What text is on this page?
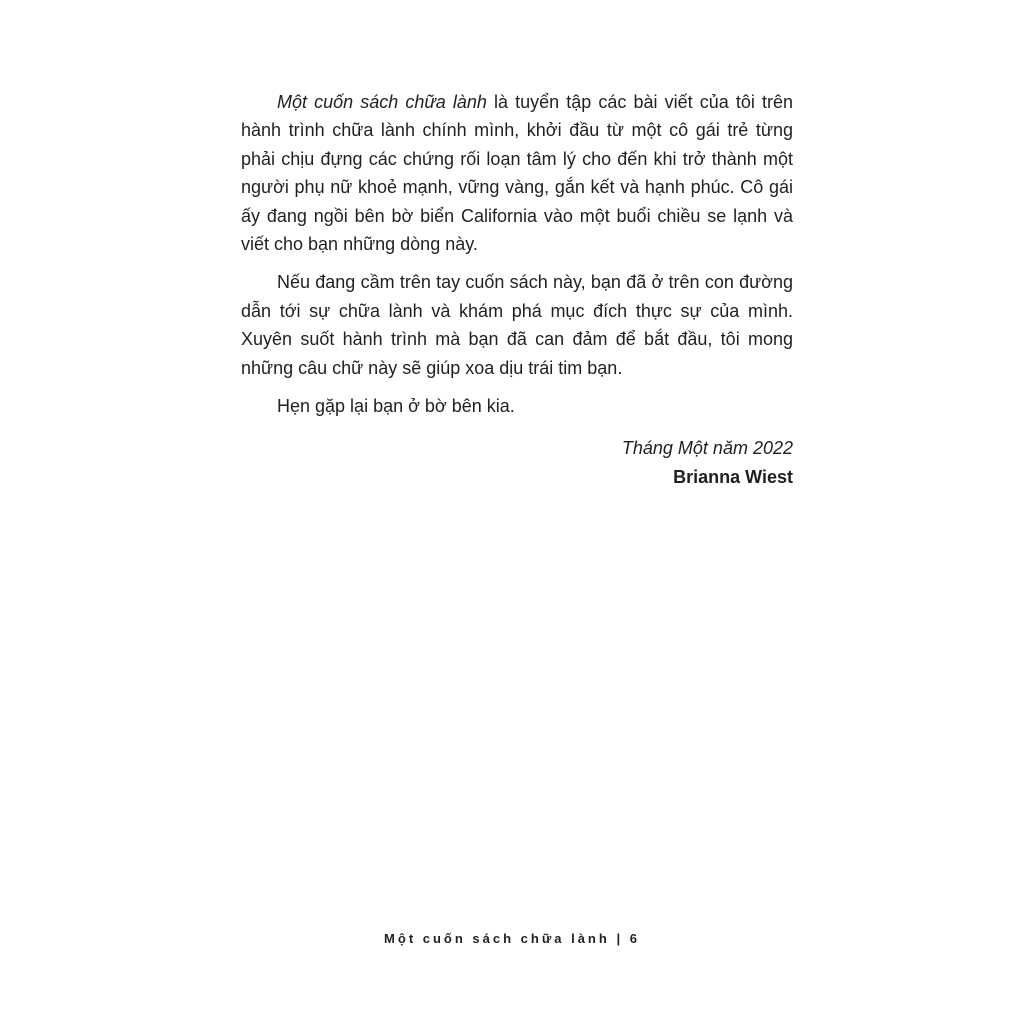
Một cuốn sách chữa lành là tuyển tập các bài viết của tôi trên hành trình chữa lành chính mình, khởi đầu từ một cô gái trẻ từng phải chịu đựng các chứng rối loạn tâm lý cho đến khi trở thành một người phụ nữ khoẻ mạnh, vững vàng, gắn kết và hạnh phúc. Cô gái ấy đang ngồi bên bờ biển California vào một buổi chiều se lạnh và viết cho bạn những dòng này.

Nếu đang cầm trên tay cuốn sách này, bạn đã ở trên con đường dẫn tới sự chữa lành và khám phá mục đích thực sự của mình. Xuyên suốt hành trình mà bạn đã can đảm để bắt đầu, tôi mong những câu chữ này sẽ giúp xoa dịu trái tim bạn.

Hẹn gặp lại bạn ở bờ bên kia.

Tháng Một năm 2022
Brianna Wiest
Một cuốn sách chữa lành | 6
